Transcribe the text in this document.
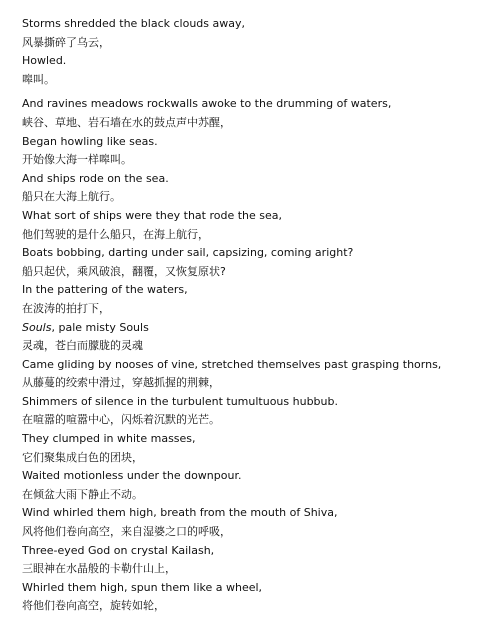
Storms shredded the black clouds away,
风暴撕碎了乌云，
Howled.
嗥叫。
And ravines meadows rockwalls awoke to the drumming of waters,
峡谷、草地、岩石墙在水的鼓点声中苏醒，
Began howling like seas.
开始像大海一样嗥叫。
And ships rode on the sea.
船只在大海上航行。
What sort of ships were they that rode the sea,
他们驾驶的是什么船只，在海上航行，
Boats bobbing, darting under sail, capsizing, coming aright?
船只起伏，乘风破浪，翻覆，又恢复原状?
In the pattering of the waters,
在波涛的拍打下，
Souls, pale misty Souls
灵魂，苍白而朦胧的灵魂
Came gliding by nooses of vine, stretched themselves past grasping thorns,
从藤蔓的绞索中滑过，穿越抓握的荆棘，
Shimmers of silence in the turbulent tumultuous hubbub.
在喧嚣的喧嚣中心，闪烁着沉默的光芒。
They clumped in white masses,
它们聚集成白色的团块，
Waited motionless under the downpour.
在倾盆大雨下静止不动。
Wind whirled them high, breath from the mouth of Shiva,
风将他们卷向高空，来自湿婆之口的呼吸，
Three-eyed God on crystal Kailash,
三眼神在水晶般的卡勒什山上，
Whirled them high, spun them like a wheel,
将他们卷向高空，旋转如轮，
